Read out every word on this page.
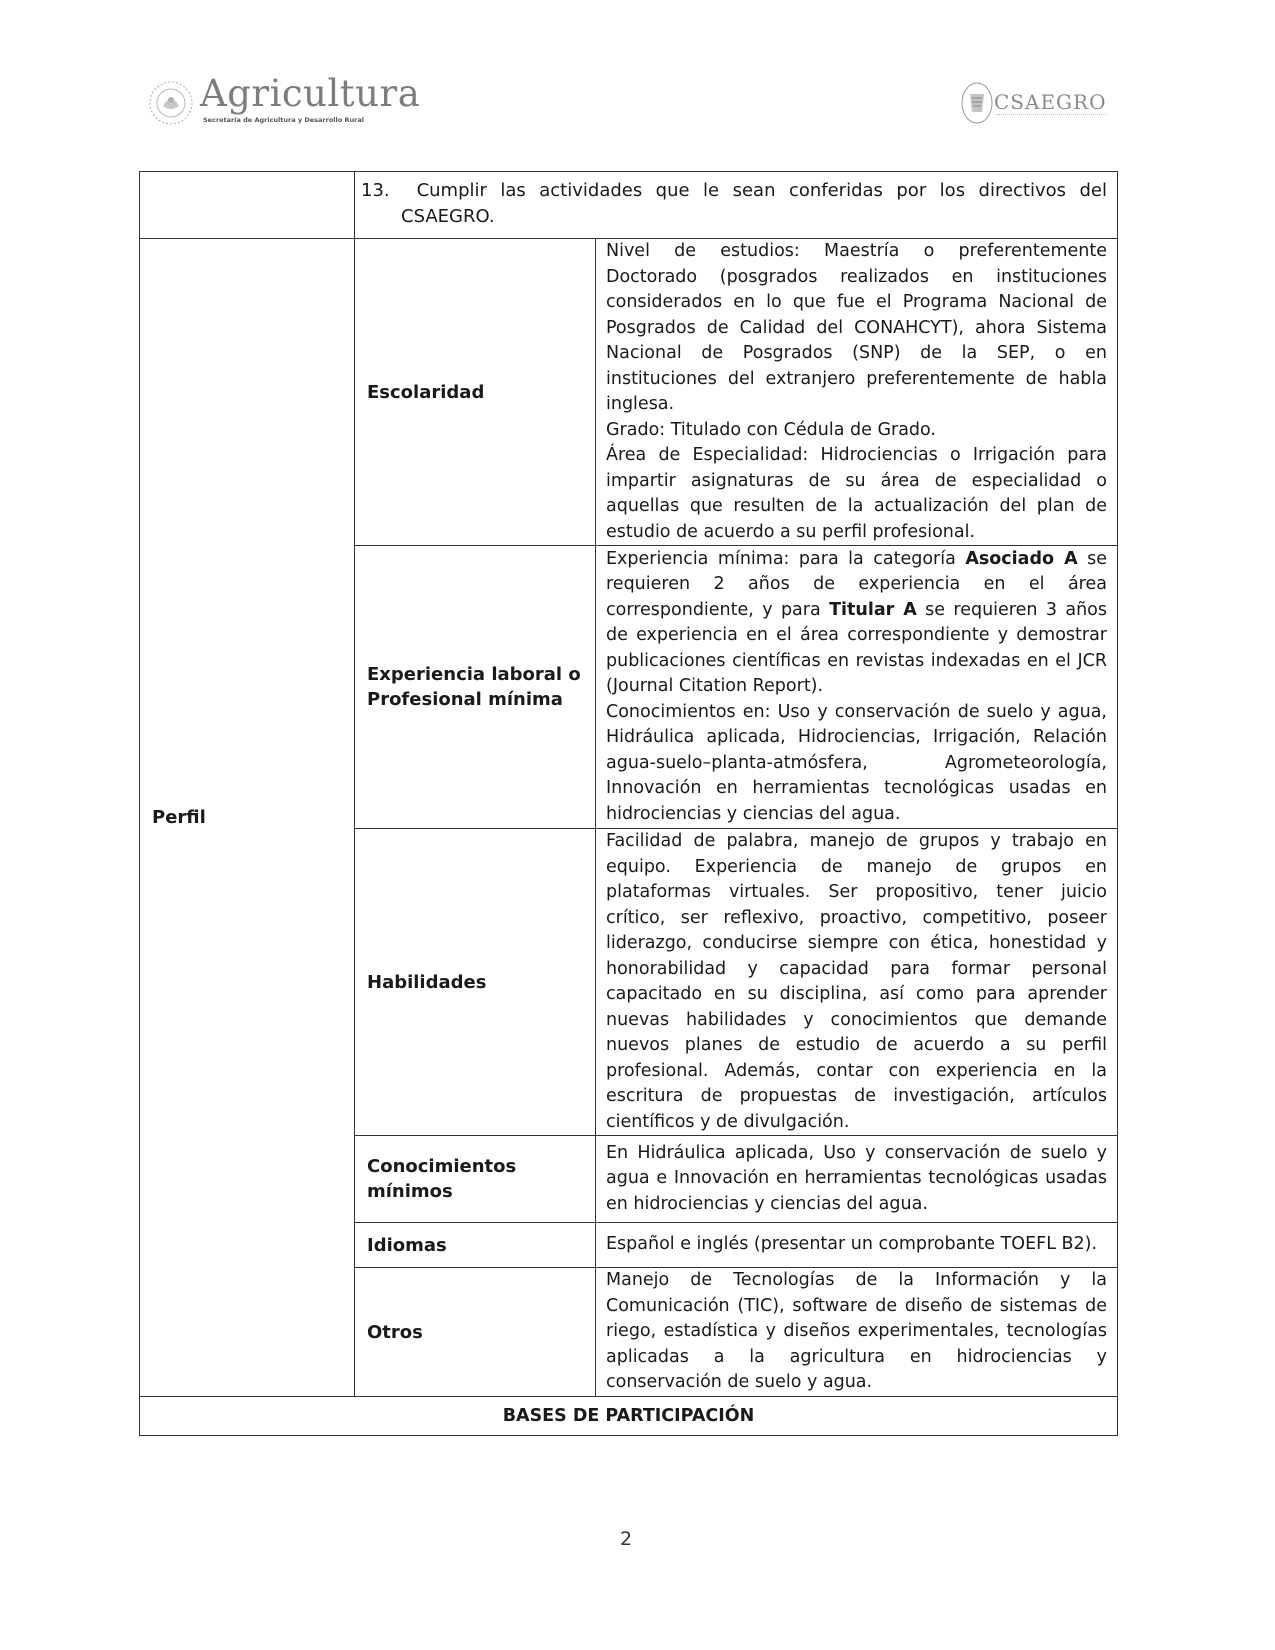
Agricultura
Secretaría de Agricultura y Desarrollo Rural
CSAEGRO

	13. Cumplir las actividades que le sean conferidas por los directivos del CSAEGRO.	

Perfil	Escolaridad	Nivel de estudios: Maestría o preferentemente Doctorado (posgrados realizados en instituciones considerados en lo que fue el Programa Nacional de Posgrados de Calidad del CONAHCYT), ahora Sistema Nacional de Posgrados (SNP) de la SEP, o en instituciones del extranjero preferentemente de habla inglesa.

Grado: Titulado con Cédula de Grado.

Área de Especialidad: Hidrociencias o Irrigación para impartir asignaturas de su área de especialidad o aquellas que resulten de la actualización del plan de estudio de acuerdo a su perfil profesional.

	Experiencia laboral o Profesional mínima	Experiencia mínima: para la categoría Asociado A se requieren 2 años de experiencia en el área correspondiente, y para Titular A se requieren 3 años de experiencia en el área correspondiente y demostrar publicaciones científicas en revistas indexadas en el JCR (Journal Citation Report).

Conocimientos en: Uso y conservación de suelo y agua, Hidráulica aplicada, Hidrociencias, Irrigación, Relación agua-suelo–planta-atmósfera, Agrometeorología, Innovación en herramientas tecnológicas usadas en hidrociencias y ciencias del agua.

	Habilidades	Facilidad de palabra, manejo de grupos y trabajo en equipo. Experiencia de manejo de grupos en plataformas virtuales. Ser propositivo, tener juicio crítico, ser reflexivo, proactivo, competitivo, poseer liderazgo, conducirse siempre con ética, honestidad y honorabilidad y capacidad para formar personal capacitado en su disciplina, así como para aprender nuevas habilidades y conocimientos que demande nuevos planes de estudio de acuerdo a su perfil profesional. Además, contar con experiencia en la escritura de propuestas de investigación, artículos científicos y de divulgación.

	Conocimientos mínimos	En Hidráulica aplicada, Uso y conservación de suelo y agua e Innovación en herramientas tecnológicas usadas en hidrociencias y ciencias del agua.

	Idiomas	Español e inglés (presentar un comprobante TOEFL B2).

	Otros	Manejo de Tecnologías de la Información y la Comunicación (TIC), software de diseño de sistemas de riego, estadística y diseños experimentales, tecnologías aplicadas a la agricultura en hidrociencias y conservación de suelo y agua.

BASES DE PARTICIPACIÓN		
2
